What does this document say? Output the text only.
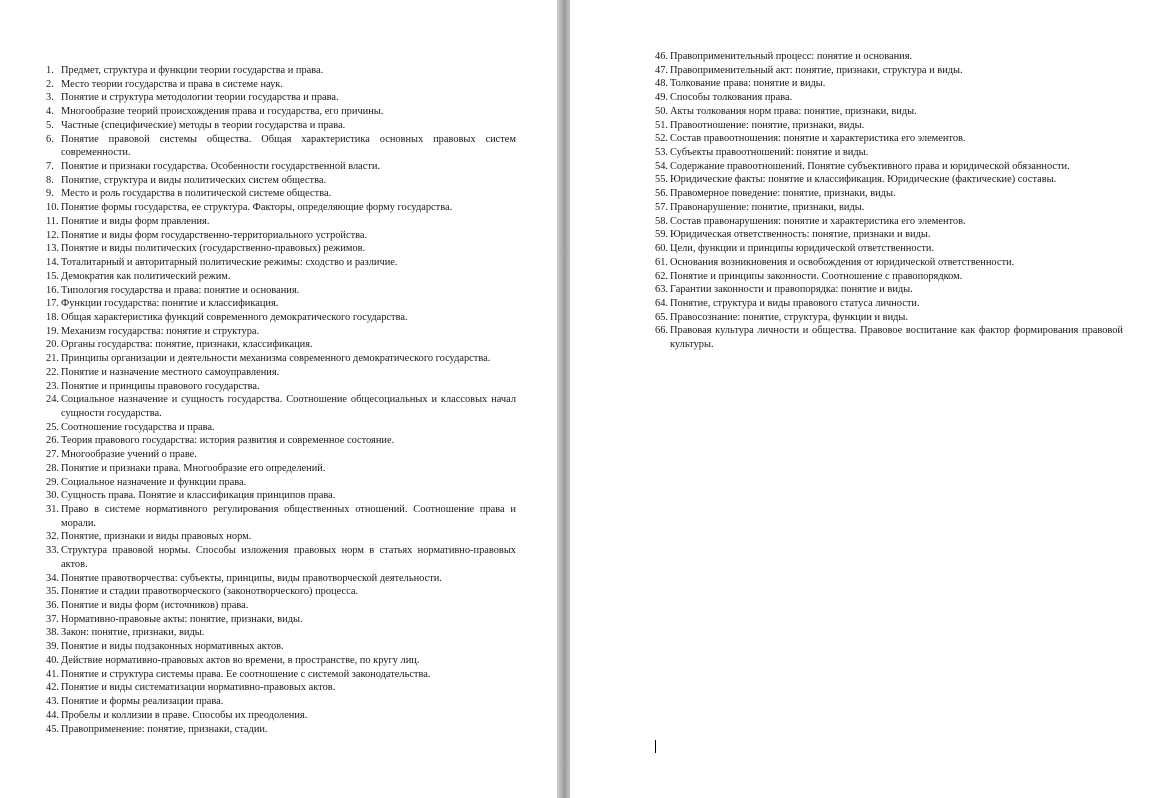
1. Предмет, структура и функции теории государства и права.
2. Место теории государства и права в системе наук.
3. Понятие и структура методологии теории государства и права.
4. Многообразие теорий происхождения права и государства, его причины.
5. Частные (специфические) методы в теории государства и права.
6. Понятие правовой системы общества. Общая характеристика основных правовых систем современности.
7. Понятие и признаки государства. Особенности государственной власти.
8. Понятие, структура и виды политических систем общества.
9. Место и роль государства в политической системе общества.
10. Понятие формы государства, ее структура. Факторы, определяющие форму государства.
11. Понятие и виды форм правления.
12. Понятие и виды форм государственно-территориального устройства.
13. Понятие и виды политических (государственно-правовых) режимов.
14. Тоталитарный и авторитарный политические режимы: сходство и различие.
15. Демократия как политический режим.
16. Типология государства и права: понятие и основания.
17. Функции государства: понятие и классификация.
18. Общая характеристика функций современного демократического государства.
19. Механизм государства: понятие и структура.
20. Органы государства: понятие, признаки, классификация.
21. Принципы организации и деятельности механизма современного демократического государства.
22. Понятие и назначение местного самоуправления.
23. Понятие и принципы правового государства.
24. Социальное назначение и сущность государства. Соотношение общесоциальных и классовых начал сущности государства.
25. Соотношение государства и права.
26. Теория правового государства: история развития и современное состояние.
27. Многообразие учений о праве.
28. Понятие и признаки права. Многообразие его определений.
29. Социальное назначение и функции права.
30. Сущность права. Понятие и классификация принципов права.
31. Право в системе нормативного регулирования общественных отношений. Соотношение права и морали.
32. Понятие, признаки и виды правовых норм.
33. Структура правовой нормы. Способы изложения правовых норм в статьях нормативно-правовых актов.
34. Понятие правотворчества: субъекты, принципы, виды правотворческой деятельности.
35. Понятие и стадии правотворческого (законотворческого) процесса.
36. Понятие и виды форм (источников) права.
37. Нормативно-правовые акты: понятие, признаки, виды.
38. Закон: понятие, признаки, виды.
39. Понятие и виды подзаконных нормативных актов.
40. Действие нормативно-правовых актов во времени, в пространстве, по кругу лиц.
41. Понятие и структура системы права. Ее соотношение с системой законодательства.
42. Понятие и виды систематизации нормативно-правовых актов.
43. Понятие и формы реализации права.
44. Пробелы и коллизии в праве. Способы их преодоления.
45. Правоприменение: понятие, признаки, стадии.
46. Правоприменительный процесс: понятие и основания.
47. Правоприменительный акт: понятие, признаки, структура и виды.
48. Толкование права: понятие и виды.
49. Способы толкования права.
50. Акты толкования норм права: понятие, признаки, виды.
51. Правоотношение: понятие, признаки, виды.
52. Состав правоотношения: понятие и характеристика его элементов.
53. Субъекты правоотношений: понятие и виды.
54. Содержание правоотношений. Понятие субъективного права и юридической обязанности.
55. Юридические факты: понятие и классификация. Юридические (фактические) составы.
56. Правомерное поведение: понятие, признаки, виды.
57. Правонарушение: понятие, признаки, виды.
58. Состав правонарушения: понятие и характеристика его элементов.
59. Юридическая ответственность: понятие, признаки и виды.
60. Цели, функции и принципы юридической ответственности.
61. Основания возникновения и освобождения от юридической ответственности.
62. Понятие и принципы законности. Соотношение с правопорядком.
63. Гарантии законности и правопорядка: понятие и виды.
64. Понятие, структура и виды правового статуса личности.
65. Правосознание: понятие, структура, функции и виды.
66. Правовая культура личности и общества. Правовое воспитание как фактор формирования правовой культуры.
